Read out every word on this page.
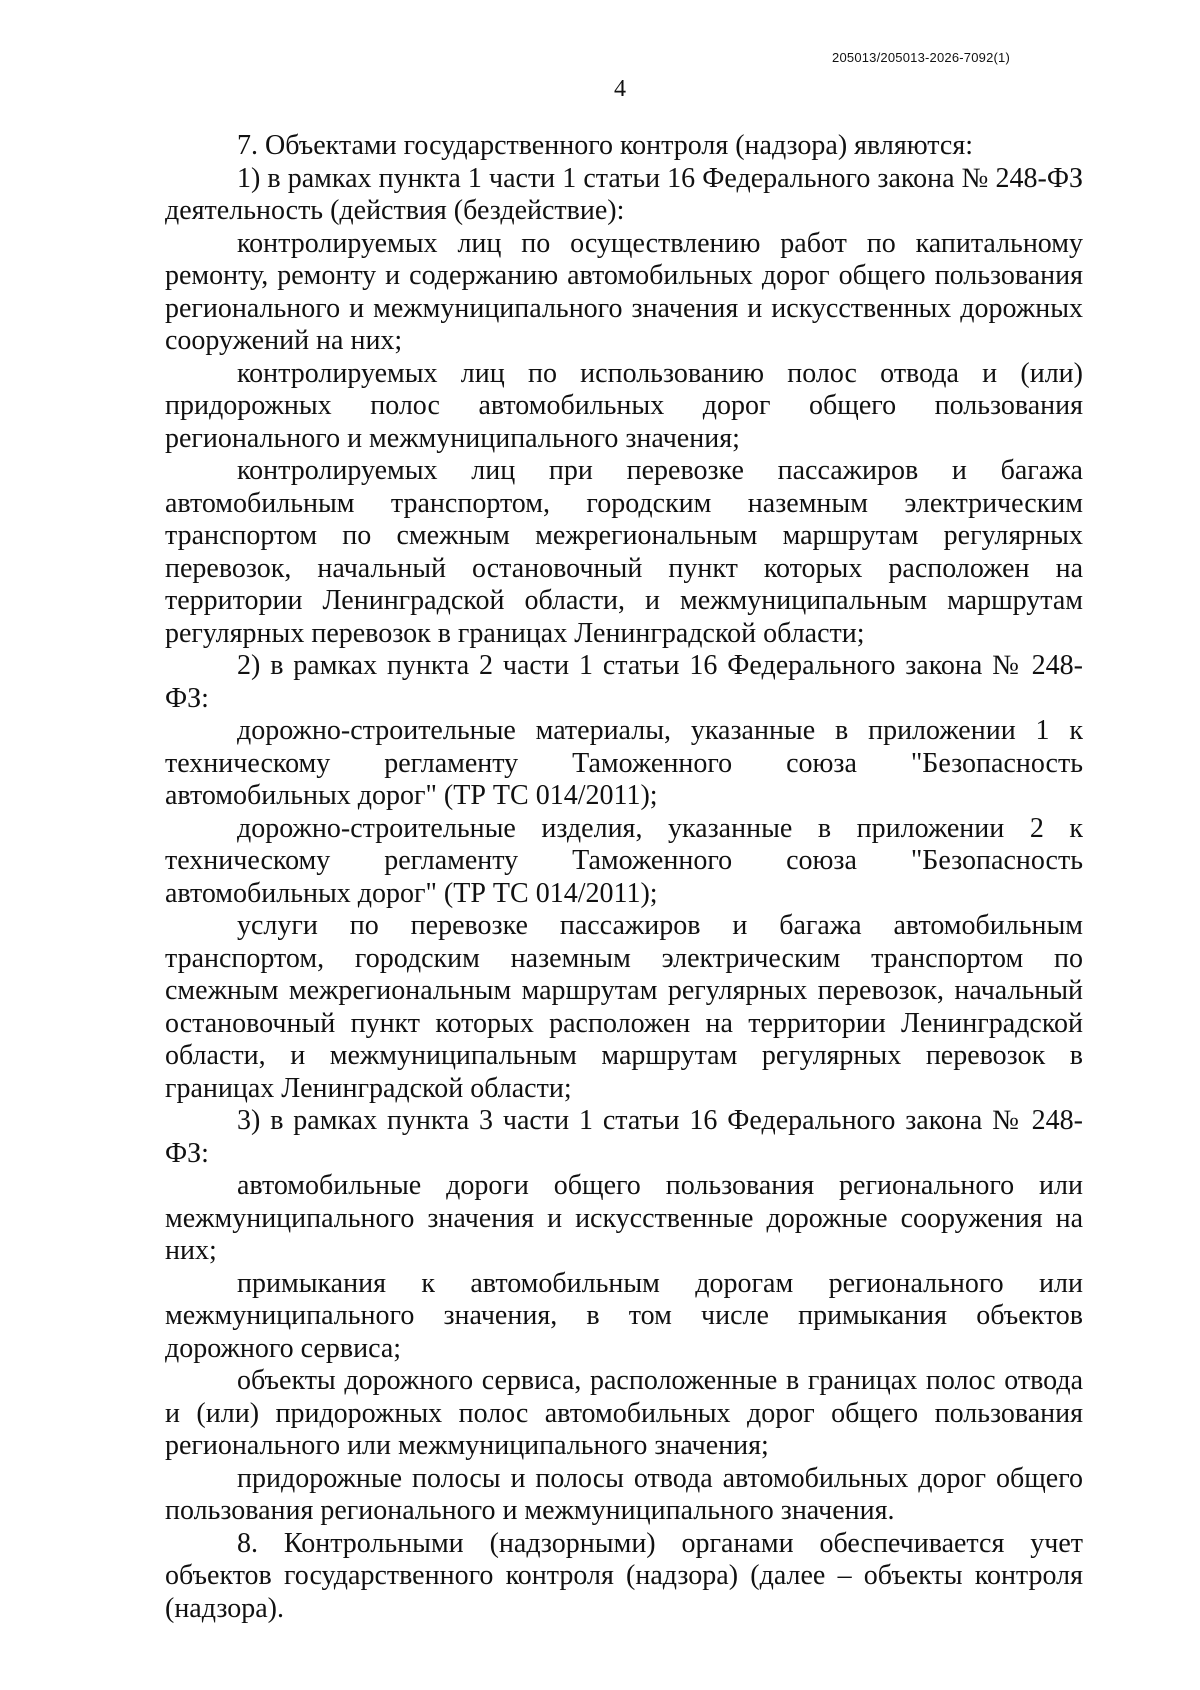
205013/205013-2026-7092(1)
4

7. Объектами государственного контроля (надзора) являются:

1) в рамках пункта 1 части 1 статьи 16 Федерального закона № 248-ФЗ деятельность (действия (бездействие):

контролируемых лиц по осуществлению работ по капитальному ремонту, ремонту и содержанию автомобильных дорог общего пользования регионального и межмуниципального значения и искусственных дорожных сооружений на них;

контролируемых лиц по использованию полос отвода и (или) придорожных полос автомобильных дорог общего пользования регионального и межмуниципального значения;

контролируемых лиц при перевозке пассажиров и багажа автомобильным транспортом, городским наземным электрическим транспортом по смежным межрегиональным маршрутам регулярных перевозок, начальный остановочный пункт которых расположен на территории Ленинградской области, и межмуниципальным маршрутам регулярных перевозок в границах Ленинградской области;

2) в рамках пункта 2 части 1 статьи 16 Федерального закона № 248-ФЗ:

дорожно-строительные материалы, указанные в приложении 1 к техническому регламенту Таможенного союза "Безопасность автомобильных дорог" (ТР ТС 014/2011);

дорожно-строительные изделия, указанные в приложении 2 к техническому регламенту Таможенного союза "Безопасность автомобильных дорог" (ТР ТС 014/2011);

услуги по перевозке пассажиров и багажа автомобильным транспортом, городским наземным электрическим транспортом по смежным межрегиональным маршрутам регулярных перевозок, начальный остановочный пункт которых расположен на территории Ленинградской области, и межмуниципальным маршрутам регулярных перевозок в границах Ленинградской области;

3) в рамках пункта 3 части 1 статьи 16 Федерального закона № 248-ФЗ:

автомобильные дороги общего пользования регионального или межмуниципального значения и искусственные дорожные сооружения на них;

примыкания к автомобильным дорогам регионального или межмуниципального значения, в том числе примыкания объектов дорожного сервиса;

объекты дорожного сервиса, расположенные в границах полос отвода и (или) придорожных полос автомобильных дорог общего пользования регионального или межмуниципального значения;

придорожные полосы и полосы отвода автомобильных дорог общего пользования регионального и межмуниципального значения.

8. Контрольными (надзорными) органами обеспечивается учет объектов государственного контроля (надзора) (далее – объекты контроля (надзора).
